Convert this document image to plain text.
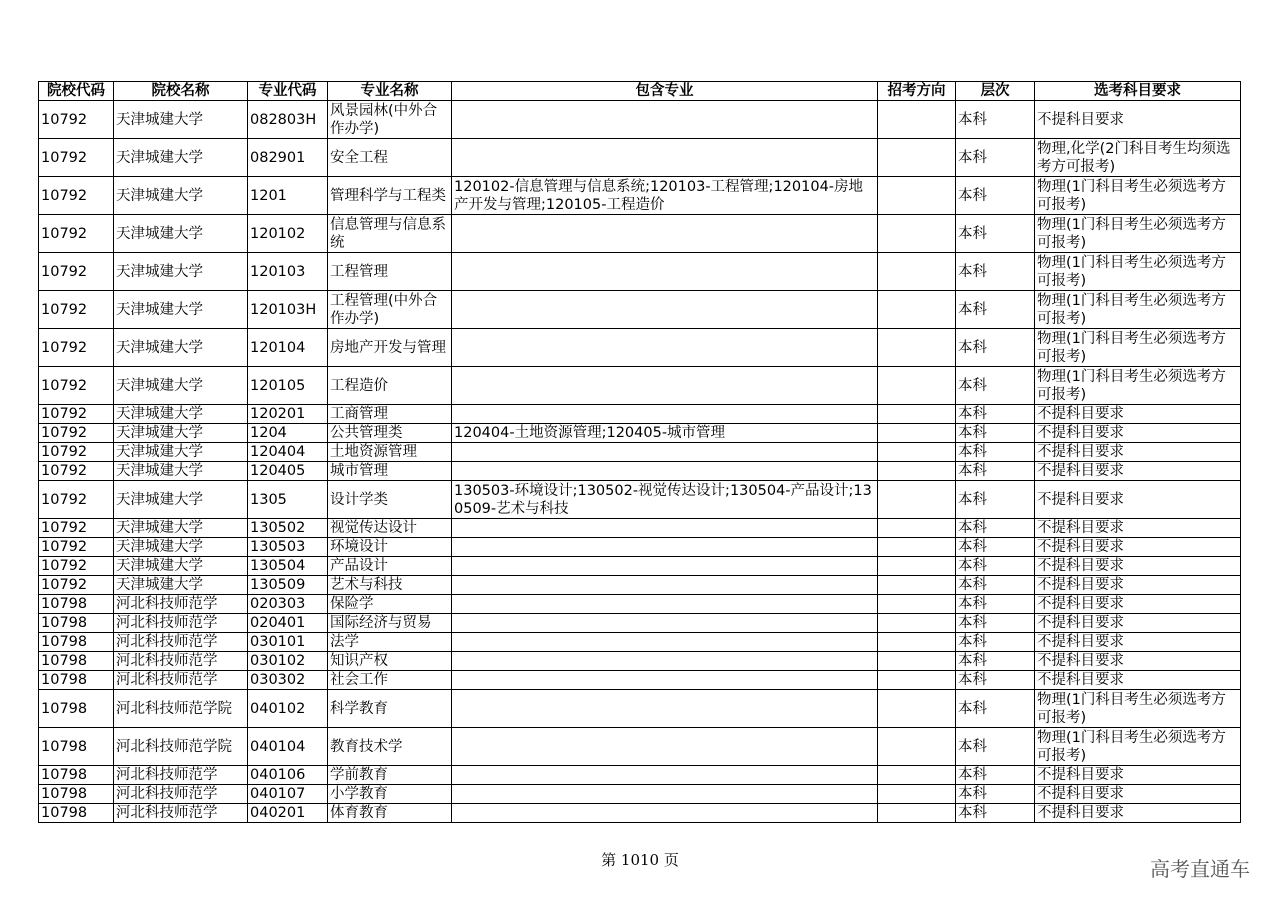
院校代码	院校名称	专业代码	专业名称	包含专业	招考方向	层次	选考科目要求
10792	天津城建大学	082803H	风景园林(中外合作办学)			本科	不提科目要求
10792	天津城建大学	082901	安全工程			本科	物理,化学(2门科目考生均须选考方可报考)
10792	天津城建大学	1201	管理科学与工程类	120102-信息管理与信息系统;120103-工程管理;120104-房地产开发与管理;120105-工程造价		本科	物理(1门科目考生必须选考方可报考)
10792	天津城建大学	120102	信息管理与信息系统			本科	物理(1门科目考生必须选考方可报考)
10792	天津城建大学	120103	工程管理			本科	物理(1门科目考生必须选考方可报考)
10792	天津城建大学	120103H	工程管理(中外合作办学)			本科	物理(1门科目考生必须选考方可报考)
10792	天津城建大学	120104	房地产开发与管理			本科	物理(1门科目考生必须选考方可报考)
10792	天津城建大学	120105	工程造价			本科	物理(1门科目考生必须选考方可报考)
10792	天津城建大学	120201	工商管理			本科	不提科目要求
10792	天津城建大学	1204	公共管理类	120404-土地资源管理;120405-城市管理		本科	不提科目要求
10792	天津城建大学	120404	土地资源管理			本科	不提科目要求
10792	天津城建大学	120405	城市管理			本科	不提科目要求
10792	天津城建大学	1305	设计学类	130503-环境设计;130502-视觉传达设计;130504-产品设计;130509-艺术与科技		本科	不提科目要求
10792	天津城建大学	130502	视觉传达设计			本科	不提科目要求
10792	天津城建大学	130503	环境设计			本科	不提科目要求
10792	天津城建大学	130504	产品设计			本科	不提科目要求
10792	天津城建大学	130509	艺术与科技			本科	不提科目要求
10798	河北科技师范学	020303	保险学			本科	不提科目要求
10798	河北科技师范学	020401	国际经济与贸易			本科	不提科目要求
10798	河北科技师范学	030101	法学			本科	不提科目要求
10798	河北科技师范学	030102	知识产权			本科	不提科目要求
10798	河北科技师范学	030302	社会工作			本科	不提科目要求
10798	河北科技师范学院	040102	科学教育			本科	物理(1门科目考生必须选考方可报考)
10798	河北科技师范学院	040104	教育技术学			本科	物理(1门科目考生必须选考方可报考)
10798	河北科技师范学	040106	学前教育			本科	不提科目要求
10798	河北科技师范学	040107	小学教育			本科	不提科目要求
10798	河北科技师范学	040201	体育教育			本科	不提科目要求
第 1010 页	高考直通车
